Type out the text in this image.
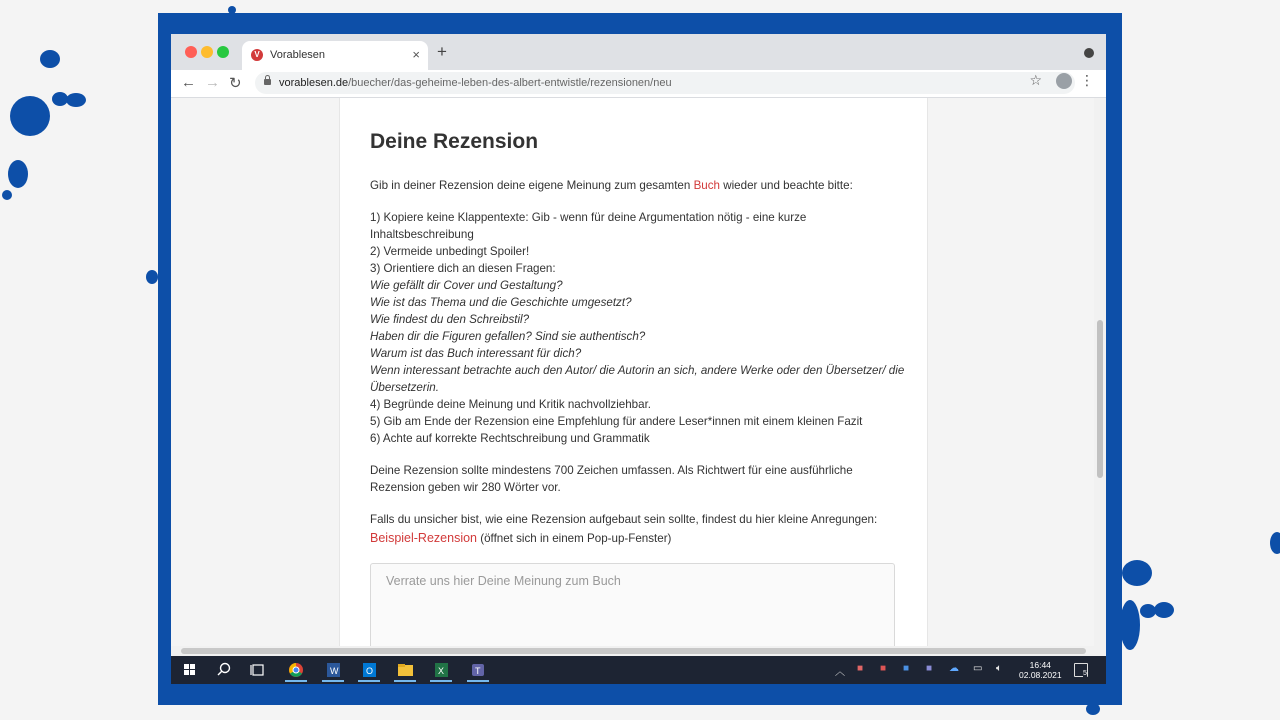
V Vorablesen	× +
← → ↻	vorablesen.de/buecher/das-geheime-leben-des-albert-entwistle/rezensionen/neu	☆	⋮
Deine Rezension

Gib in deiner Rezension deine eigene Meinung zum gesamten Buch wieder und beachte bitte:

1) Kopiere keine Klappentexte: Gib - wenn für deine Argumentation nötig - eine kurze Inhaltsbeschreibung

2) Vermeide unbedingt Spoiler!

3) Orientiere dich an diesen Fragen:

Wie gefällt dir Cover und Gestaltung?

Wie ist das Thema und die Geschichte umgesetzt?

Wie findest du den Schreibstil?

Haben dir die Figuren gefallen? Sind sie authentisch?

Warum ist das Buch interessant für dich?

Wenn interessant betrachte auch den Autor/ die Autorin an sich, andere Werke oder den Übersetzer/ die Übersetzerin.

4) Begründe deine Meinung und Kritik nachvollziehbar.

5) Gib am Ende der Rezension eine Empfehlung für andere Leser*innen mit einem kleinen Fazit

6) Achte auf korrekte Rechtschreibung und Grammatik

Deine Rezension sollte mindestens 700 Zeichen umfassen. Als Richtwert für eine ausführliche Rezension geben wir 280 Wörter vor.

Falls du unsicher bist, wie eine Rezension aufgebaut sein sollte, findest du hier kleine Anregungen: Beispiel-Rezension (öffnet sich in einem Pop-up-Fenster)

Verrate uns hier Deine Meinung zum Buch
W	O	X	T	︿ ■ ■ ■ ■ ☁ ▭ 🔈︎	16:44
02.08.2021	5
